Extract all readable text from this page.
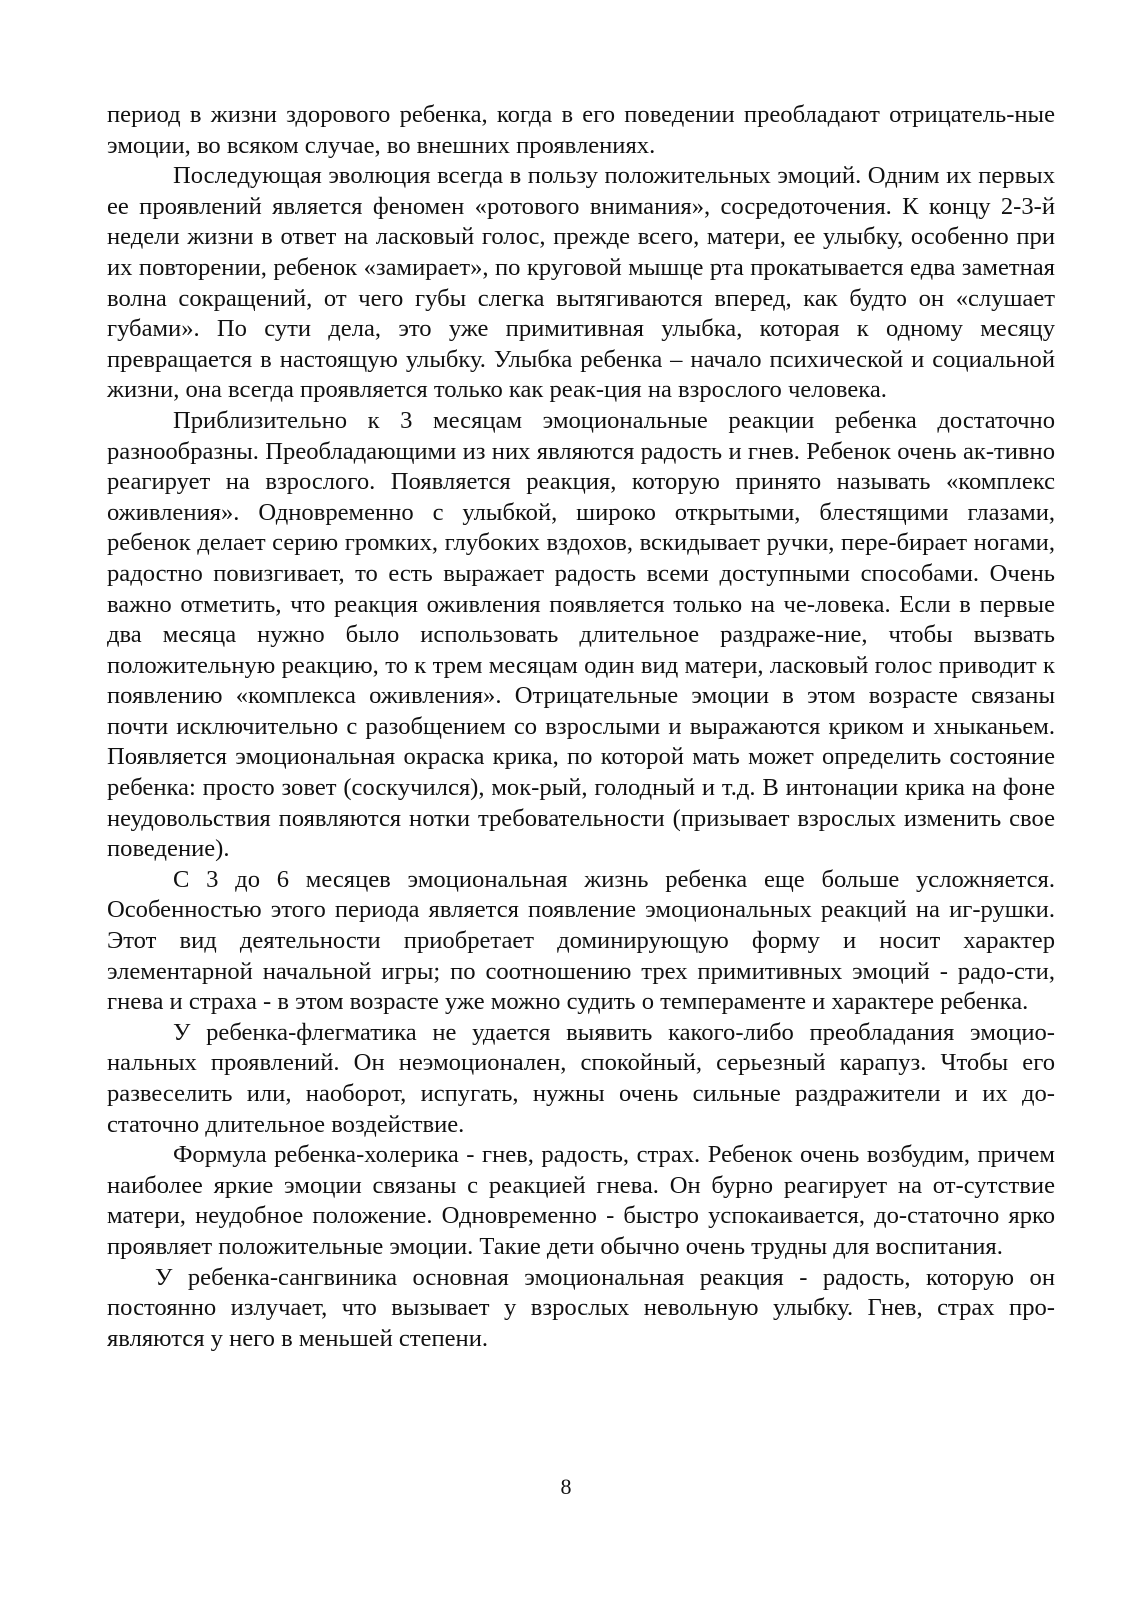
период в жизни здорового ребенка, когда в его поведении преобладают отрицатель-ные эмоции, во всяком случае, во внешних проявлениях.

Последующая эволюция всегда в пользу положительных эмоций. Одним их первых ее проявлений является феномен «ротового внимания», сосредоточения. К концу 2-3-й недели жизни в ответ на ласковый голос, прежде всего, матери, ее улыбку, особенно при их повторении, ребенок «замирает», по круговой мышце рта прокатывается едва заметная волна сокращений, от чего губы слегка вытягиваются вперед, как будто он «слушает губами». По сути дела, это уже примитивная улыбка, которая к одному месяцу превращается в настоящую улыбку. Улыбка ребенка – начало психической и социальной жизни, она всегда проявляется только как реак-ция на взрослого человека.

Приблизительно к 3 месяцам эмоциональные реакции ребенка достаточно разнообразны. Преобладающими из них являются радость и гнев. Ребенок очень ак-тивно реагирует на взрослого. Появляется реакция, которую принято называть «комплекс оживления». Одновременно с улыбкой, широко открытыми, блестящими глазами, ребенок делает серию громких, глубоких вздохов, вскидывает ручки, пере-бирает ногами, радостно повизгивает, то есть выражает радость всеми доступными способами. Очень важно отметить, что реакция оживления появляется только на че-ловека. Если в первые два месяца нужно было использовать длительное раздраже-ние, чтобы вызвать положительную реакцию, то к трем месяцам один вид матери, ласковый голос приводит к появлению «комплекса оживления». Отрицательные эмоции в этом возрасте связаны почти исключительно с разобщением со взрослыми и выражаются криком и хныканьем. Появляется эмоциональная окраска крика, по которой мать может определить состояние ребенка: просто зовет (соскучился), мок-рый, голодный и т.д. В интонации крика на фоне неудовольствия появляются нотки требовательности (призывает взрослых изменить свое поведение).

С 3 до 6 месяцев эмоциональная жизнь ребенка еще больше усложняется. Особенностью этого периода является появление эмоциональных реакций на иг-рушки. Этот вид деятельности приобретает доминирующую форму и носит характер элементарной начальной игры; по соотношению трех примитивных эмоций - радо-сти, гнева и страха - в этом возрасте уже можно судить о темпераменте и характере ребенка.

У ребенка-флегматика не удается выявить какого-либо преобладания эмоцио-нальных проявлений. Он неэмоционален, спокойный, серьезный карапуз. Чтобы его развеселить или, наоборот, испугать, нужны очень сильные раздражители и их до-статочно длительное воздействие.

Формула ребенка-холерика - гнев, радость, страх. Ребенок очень возбудим, причем наиболее яркие эмоции связаны с реакцией гнева. Он бурно реагирует на от-сутствие матери, неудобное положение. Одновременно - быстро успокаивается, до-статочно ярко проявляет положительные эмоции. Такие дети обычно очень трудны для воспитания.

У ребенка-сангвиника основная эмоциональная реакция - радость, которую он постоянно излучает, что вызывает у взрослых невольную улыбку. Гнев, страх про-являются у него в меньшей степени.

8
